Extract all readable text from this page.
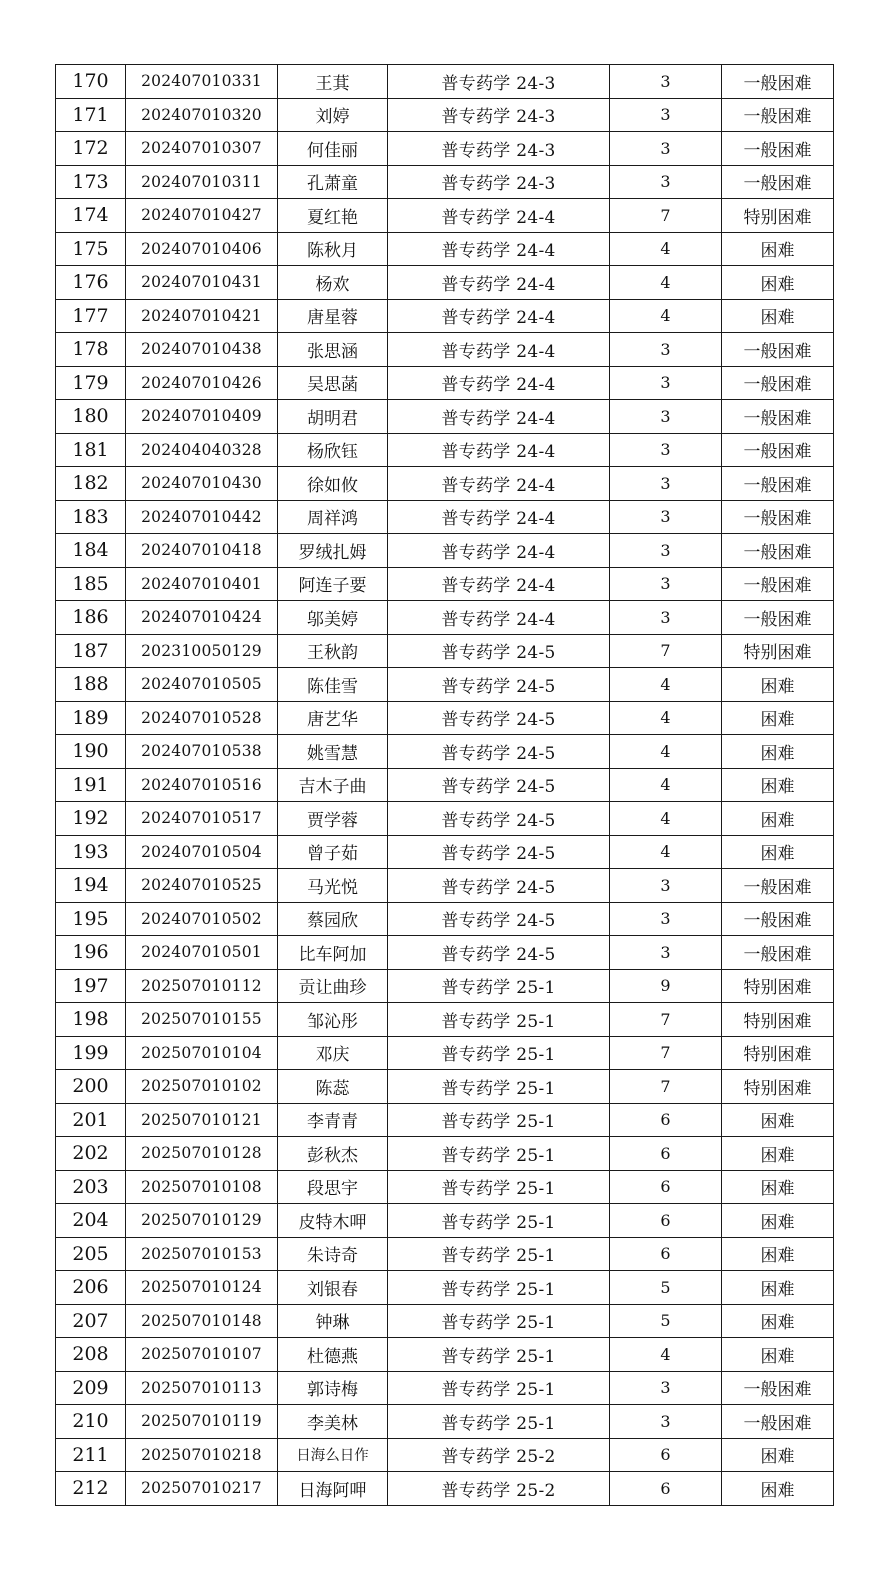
170	202407010331	王萁	普专药学 24-3	3	一般困难
171	202407010320	刘婷	普专药学 24-3	3	一般困难
172	202407010307	何佳丽	普专药学 24-3	3	一般困难
173	202407010311	孔萧童	普专药学 24-3	3	一般困难
174	202407010427	夏红艳	普专药学 24-4	7	特别困难
175	202407010406	陈秋月	普专药学 24-4	4	困难
176	202407010431	杨欢	普专药学 24-4	4	困难
177	202407010421	唐星蓉	普专药学 24-4	4	困难
178	202407010438	张思涵	普专药学 24-4	3	一般困难
179	202407010426	吴思菡	普专药学 24-4	3	一般困难
180	202407010409	胡明君	普专药学 24-4	3	一般困难
181	202404040328	杨欣钰	普专药学 24-4	3	一般困难
182	202407010430	徐如攸	普专药学 24-4	3	一般困难
183	202407010442	周祥鸿	普专药学 24-4	3	一般困难
184	202407010418	罗绒扎姆	普专药学 24-4	3	一般困难
185	202407010401	阿连子要	普专药学 24-4	3	一般困难
186	202407010424	邬美婷	普专药学 24-4	3	一般困难
187	202310050129	王秋韵	普专药学 24-5	7	特别困难
188	202407010505	陈佳雪	普专药学 24-5	4	困难
189	202407010528	唐艺华	普专药学 24-5	4	困难
190	202407010538	姚雪慧	普专药学 24-5	4	困难
191	202407010516	吉木子曲	普专药学 24-5	4	困难
192	202407010517	贾学蓉	普专药学 24-5	4	困难
193	202407010504	曾子茹	普专药学 24-5	4	困难
194	202407010525	马光悦	普专药学 24-5	3	一般困难
195	202407010502	蔡园欣	普专药学 24-5	3	一般困难
196	202407010501	比车阿加	普专药学 24-5	3	一般困难
197	202507010112	贡让曲珍	普专药学 25-1	9	特别困难
198	202507010155	邹沁彤	普专药学 25-1	7	特别困难
199	202507010104	邓庆	普专药学 25-1	7	特别困难
200	202507010102	陈蕊	普专药学 25-1	7	特别困难
201	202507010121	李青青	普专药学 25-1	6	困难
202	202507010128	彭秋杰	普专药学 25-1	6	困难
203	202507010108	段思宇	普专药学 25-1	6	困难
204	202507010129	皮特木呷	普专药学 25-1	6	困难
205	202507010153	朱诗奇	普专药学 25-1	6	困难
206	202507010124	刘银春	普专药学 25-1	5	困难
207	202507010148	钟琳	普专药学 25-1	5	困难
208	202507010107	杜德燕	普专药学 25-1	4	困难
209	202507010113	郭诗梅	普专药学 25-1	3	一般困难
210	202507010119	李美林	普专药学 25-1	3	一般困难
211	202507010218	日海么日作	普专药学 25-2	6	困难
212	202507010217	日海阿呷	普专药学 25-2	6	困难
